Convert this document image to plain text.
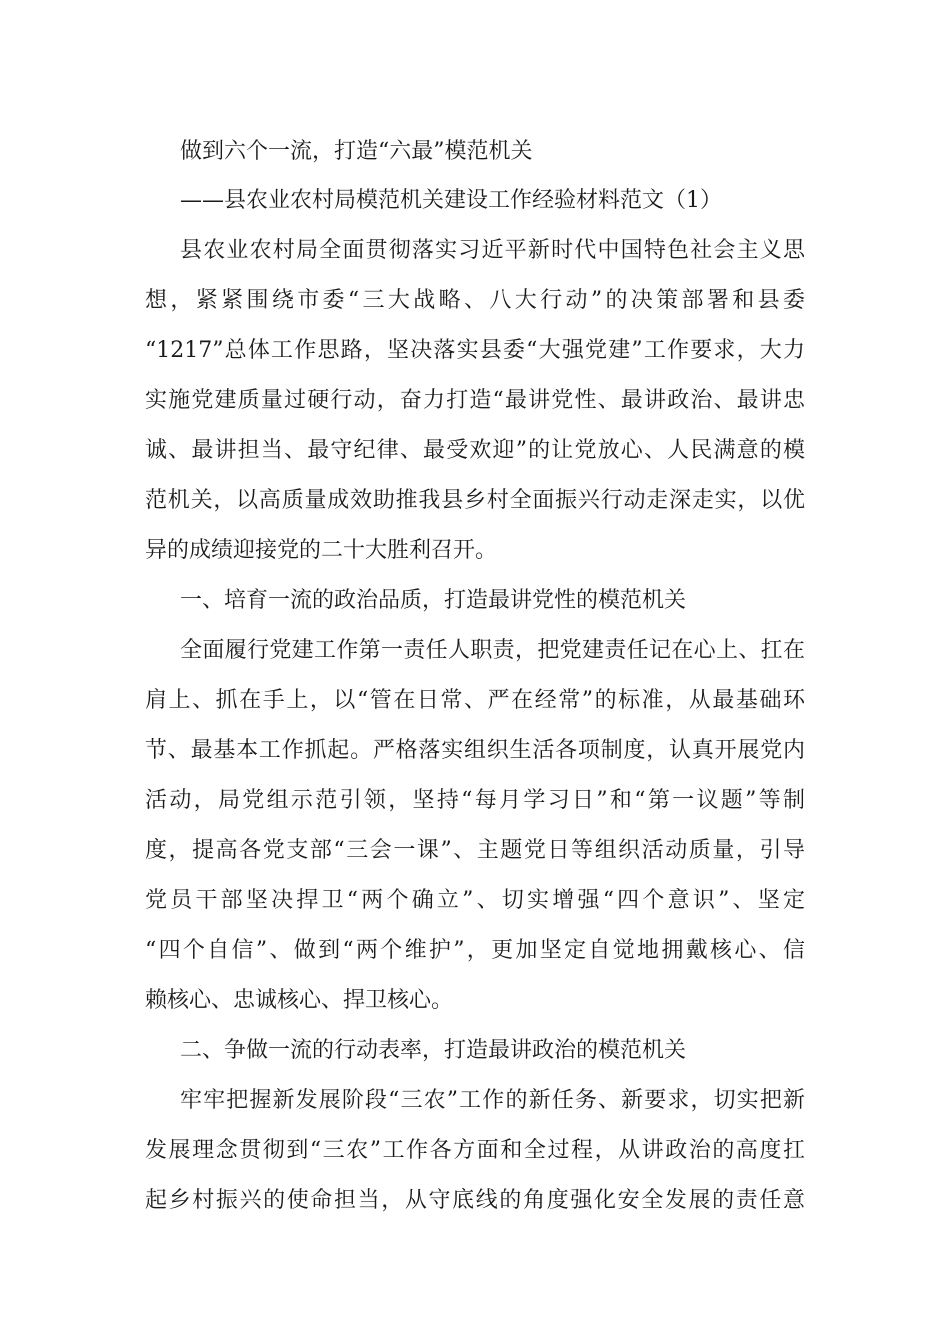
做到六个一流，打造“六最”模范机关
——县农业农村局模范机关建设工作经验材料范文（1）
县农业农村局全面贯彻落实习近平新时代中国特色社会主义思
想，紧紧围绕市委“三大战略、八大行动”的决策部署和县委
“1217”总体工作思路，坚决落实县委“大强党建”工作要求，大力
实施党建质量过硬行动，奋力打造“最讲党性、最讲政治、最讲忠
诚、最讲担当、最守纪律、最受欢迎”的让党放心、人民满意的模
范机关，以高质量成效助推我县乡村全面振兴行动走深走实，以优
异的成绩迎接党的二十大胜利召开。
一、培育一流的政治品质，打造最讲党性的模范机关
全面履行党建工作第一责任人职责，把党建责任记在心上、扛在
肩上、抓在手上，以“管在日常、严在经常”的标准，从最基础环
节、最基本工作抓起。严格落实组织生活各项制度，认真开展党内
活动，局党组示范引领，坚持“每月学习日”和“第一议题”等制
度，提高各党支部“三会一课”、主题党日等组织活动质量，引导
党员干部坚决捍卫“两个确立”、切实增强“四个意识”、坚定
“四个自信”、做到“两个维护”，更加坚定自觉地拥戴核心、信
赖核心、忠诚核心、捍卫核心。
二、争做一流的行动表率，打造最讲政治的模范机关
牢牢把握新发展阶段“三农”工作的新任务、新要求，切实把新
发展理念贯彻到“三农”工作各方面和全过程，从讲政治的高度扛
起乡村振兴的使命担当，从守底线的角度强化安全发展的责任意
